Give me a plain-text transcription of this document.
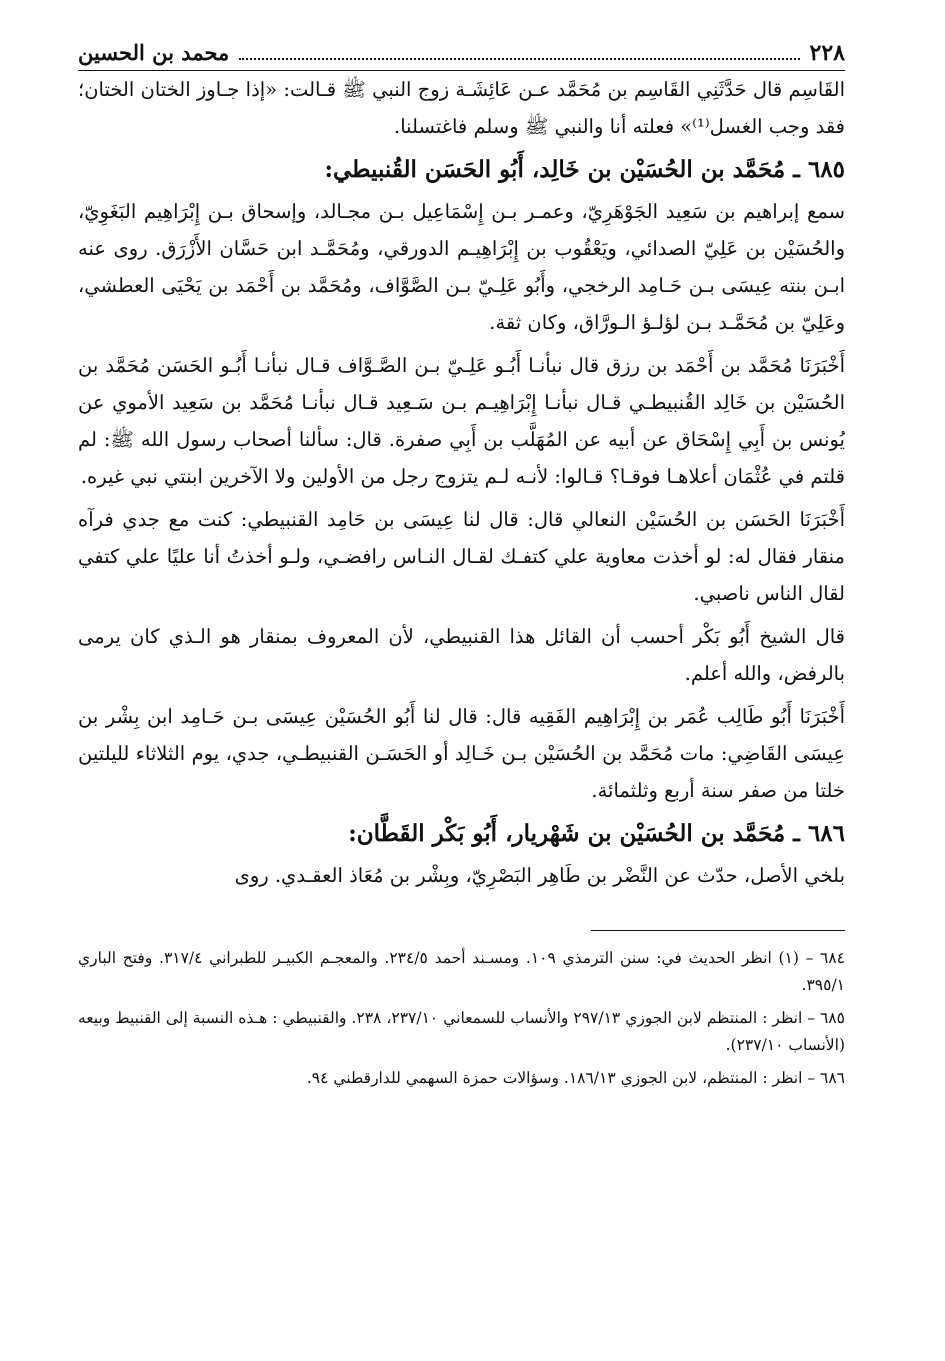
٢٢٨
محمد بن الحسين

القَاسِم قال حَدَّثَنِي القَاسِم بن مُحَمَّد عـن عَائِشَـة زوج النبي ﷺ قـالت: «إذا جـاوز الختان الختان؛ فقد وجب الغسل⁽¹⁾» فعلته أنا والنبي ﷺ وسلم فاغتسلنا.

٦٨٥ ـ مُحَمَّد بن الحُسَيْن بن خَالِد، أَبُو الحَسَن القُنبيطي:

سمع إبراهيم بن سَعِيد الجَوْهَرِيّ، وعمـر بـن إِسْمَاعِيل بـن مجـالد، وإسحاق بـن إِبْرَاهِيم البَغَوِيّ، والحُسَيْن بن عَلِيّ الصدائي، ويَعْقُوب بن إِبْرَاهِيـم الدورقي، ومُحَمَّـد ابن حَسَّان الأَزْرَق. روى عنه ابـن بنته عِيسَى بـن حَـامِد الرخجي، وأَبُو عَلِـيّ بـن الصَّوَّاف، ومُحَمَّد بن أَحْمَد بن يَحْيَى العطشي، وعَلِيّ بن مُحَمَّـد بـن لؤلـؤ الـورَّاق، وكان ثقة.

أَخْبَرَنَا مُحَمَّد بن أَحْمَد بن رزق قال نبأنـا أَبُـو عَلِـيّ بـن الصَّـوَّاف قـال نبأنـا أَبُـو الحَسَن مُحَمَّد بن الحُسَيْن بن خَالِد القُنبيطـي قـال نبأنـا إِبْرَاهِيـم بـن سَـعِيد قـال نبأنـا مُحَمَّد بن سَعِيد الأموي عن يُونس بن أَبِي إِسْحَاق عن أبيه عن المُهَلَّب بن أَبِي صفرة. قال: سألنا أصحاب رسول الله ﷺ: لم قلتم في عُثْمَان أعلاهـا فوقـا؟ قـالوا: لأنـه لـم يتزوج رجل من الأولين ولا الآخرين ابنتي نبي غيره.

أَخْبَرَنَا الحَسَن بن الحُسَيْن النعالي قال: قال لنا عِيسَى بن حَامِد القنبيطي: كنت مع جدي فرآه منقار فقال له: لو أخذت معاوية علي كتفـك لقـال النـاس رافضـي، ولـو أخذتُ أنا عليًا علي كتفي لقال الناس ناصبي.

قال الشيخ أَبُو بَكْر أحسب أن القائل هذا القنبيطي، لأن المعروف بمنقار هو الـذي كان يرمى بالرفض، والله أعلم.

أَخْبَرَنَا أَبُو طَالِب عُمَر بن إِبْرَاهِيم الفَقِيه قال: قال لنا أَبُو الحُسَيْن عِيسَى بـن حَـامِد ابن بِشْر بن عِيسَى القَاضِي: مات مُحَمَّد بن الحُسَيْن بـن خَـالِد أو الحَسَـن القنبيطـي، جدي، يوم الثلاثاء لليلتين خلتا من صفر سنة أربع وثلثمائة.

٦٨٦ ـ مُحَمَّد بن الحُسَيْن بن شَهْريار، أَبُو بَكْر القَطَّان:

بلخي الأصل، حدّث عن النَّضْر بن طَاهِر البَصْرِيّ، وبِشْر بن مُعَاذ العقـدي. روى

٦٨٤ – (١) انظر الحديث في: سنن الترمذي ١٠٩. ومسـند أحمد ٢٣٤/٥. والمعجـم الكبيـر للطبراني ٣١٧/٤. وفتح الباري ٣٩٥/١.

٦٨٥ – انظر : المنتظم لابن الجوزي ٢٩٧/١٣ والأنساب للسمعاني ٢٣٧/١٠، ٢٣٨. والقنبيطي : هـذه النسبة إلى القنبيط وبيعه (الأنساب ٢٣٧/١٠).

٦٨٦ – انظر : المنتظم، لابن الجوزي ١٨٦/١٣. وسؤالات حمزة السهمي للدارقطني ٩٤.
